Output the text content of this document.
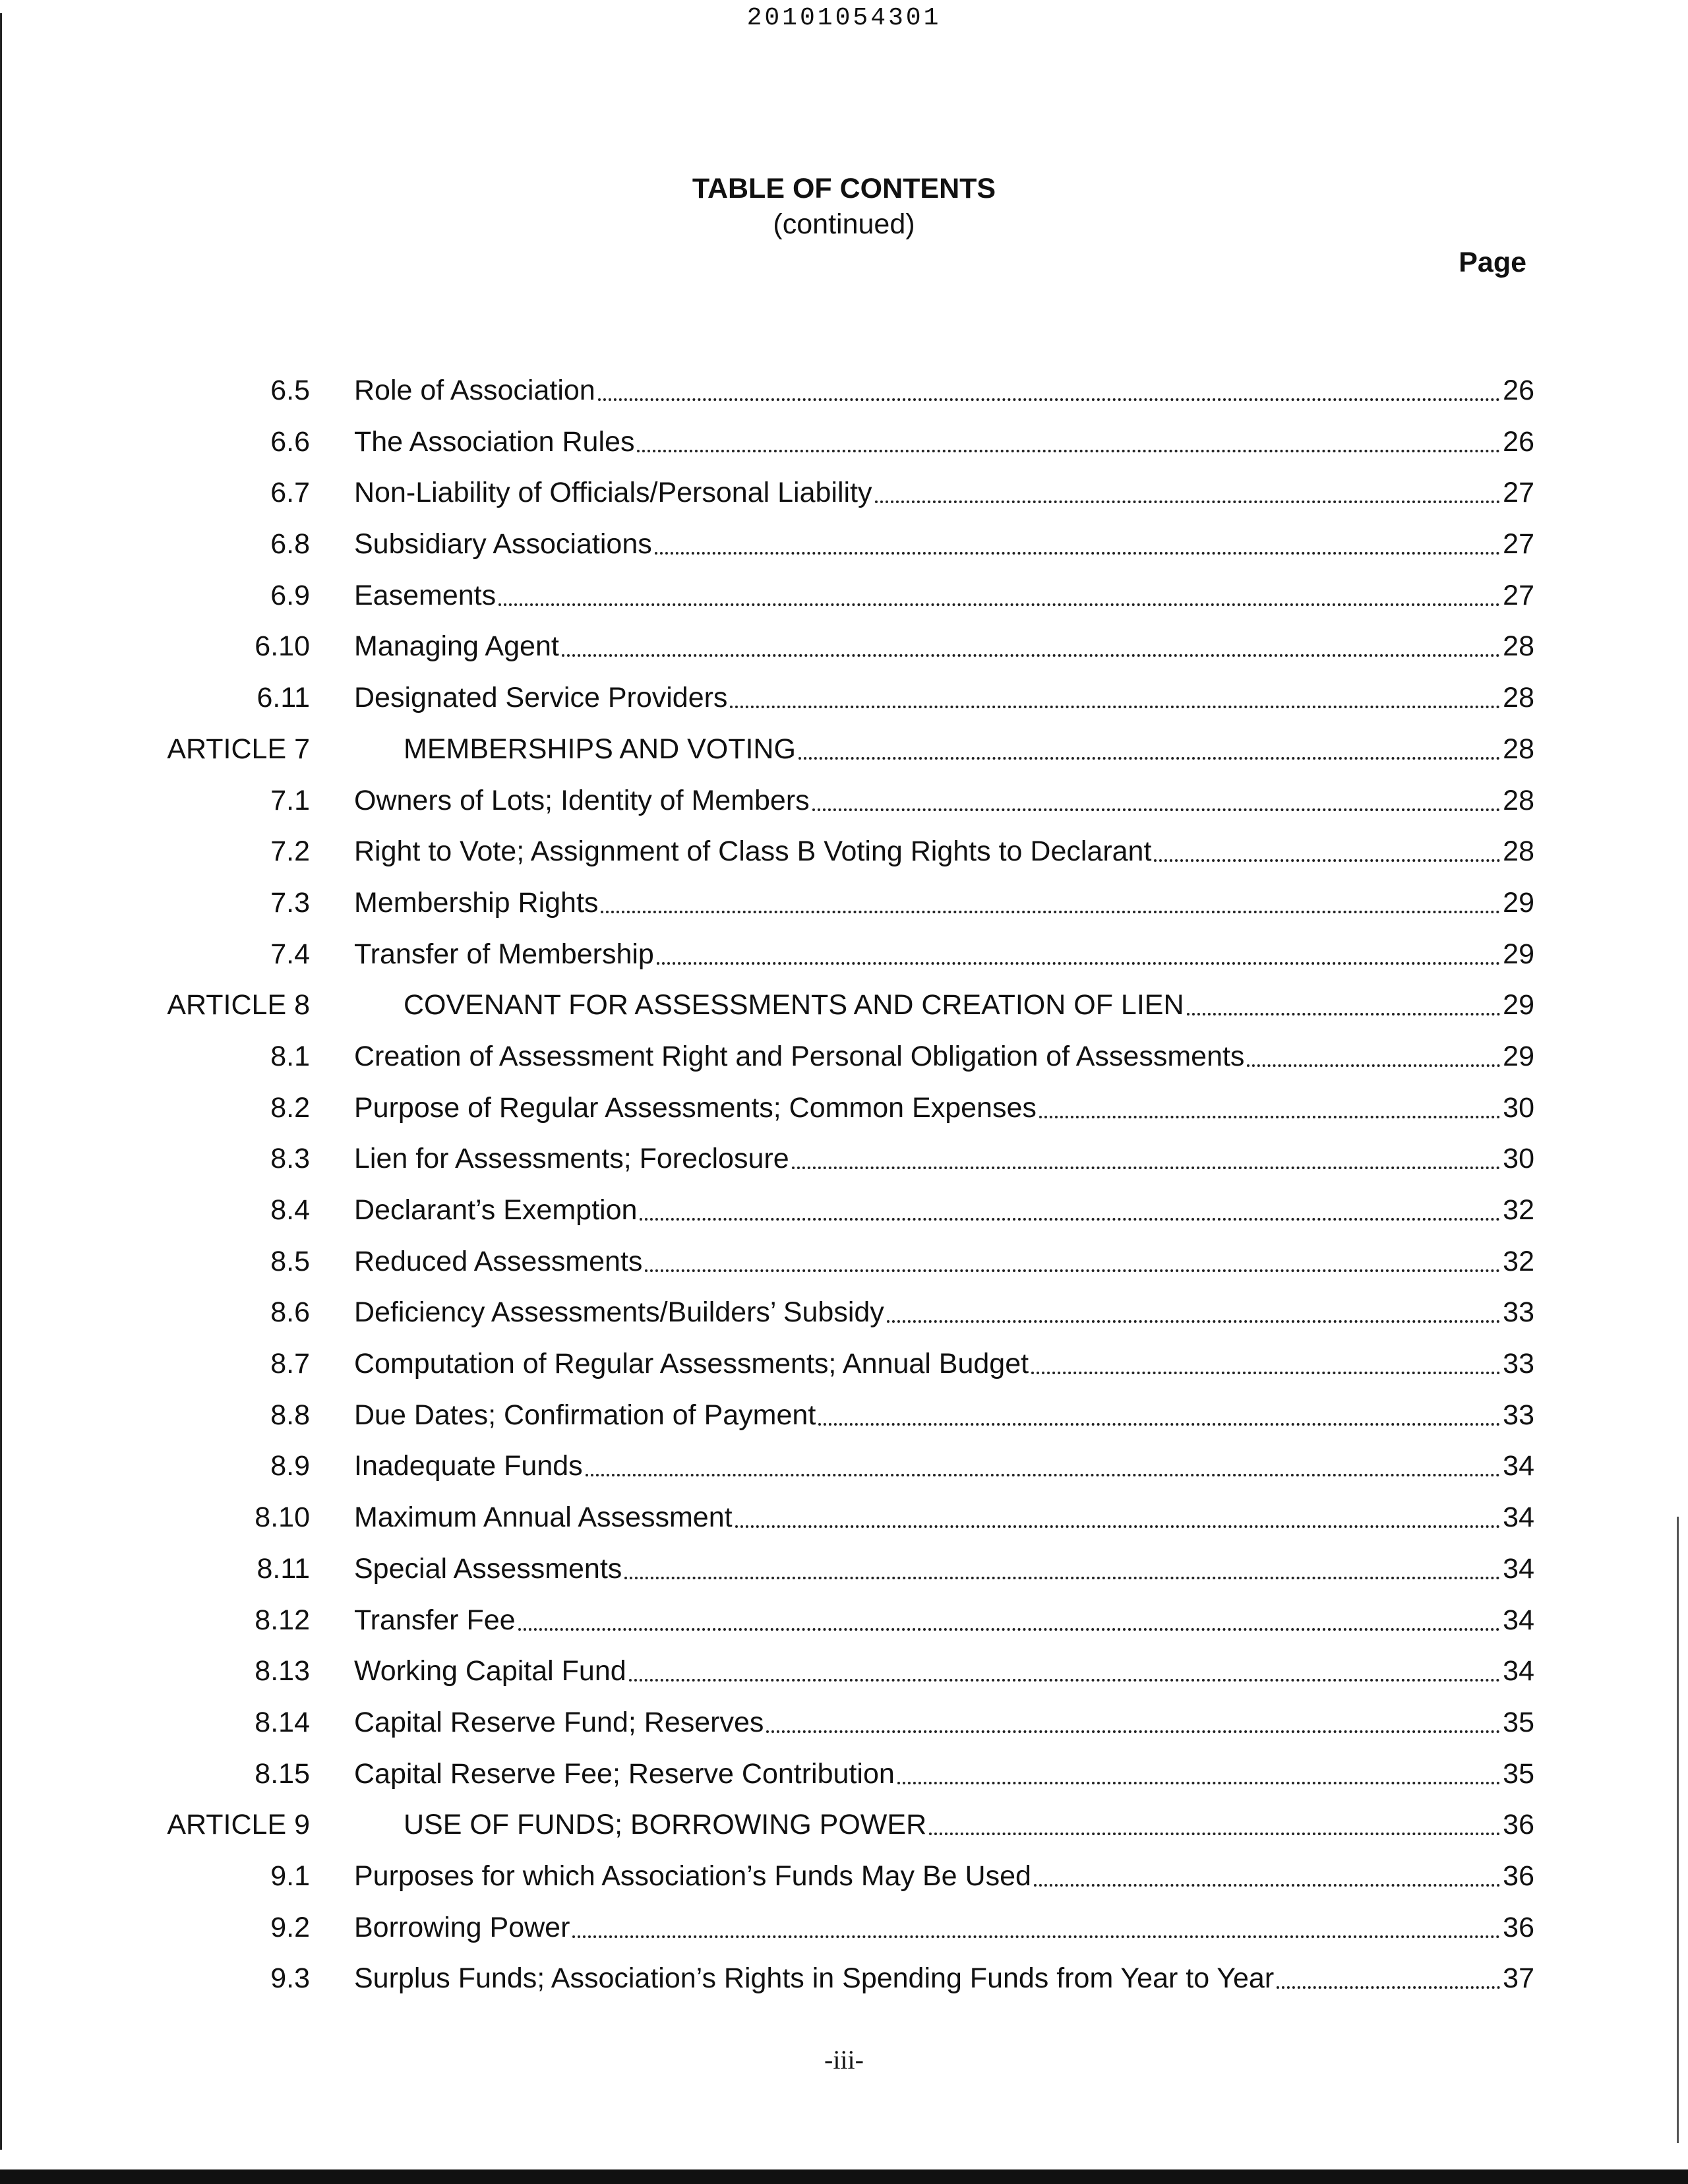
20101054301
TABLE OF CONTENTS
(continued)
Page
6.5 Role of Association	26
6.6 The Association Rules	26
6.7 Non-Liability of Officials/Personal Liability	27
6.8 Subsidiary Associations	27
6.9 Easements	27
6.10 Managing Agent	28
6.11 Designated Service Providers	28
ARTICLE 7	MEMBERSHIPS AND VOTING	28
7.1 Owners of Lots; Identity of Members	28
7.2 Right to Vote; Assignment of Class B Voting Rights to Declarant	28
7.3 Membership Rights	29
7.4 Transfer of Membership	29
ARTICLE 8	COVENANT FOR ASSESSMENTS AND CREATION OF LIEN	29
8.1 Creation of Assessment Right and Personal Obligation of Assessments	29
8.2 Purpose of Regular Assessments; Common Expenses	30
8.3 Lien for Assessments; Foreclosure	30
8.4 Declarant’s Exemption	32
8.5 Reduced Assessments	32
8.6 Deficiency Assessments/Builders’ Subsidy	33
8.7 Computation of Regular Assessments; Annual Budget	33
8.8 Due Dates; Confirmation of Payment	33
8.9 Inadequate Funds	34
8.10 Maximum Annual Assessment	34
8.11 Special Assessments	34
8.12 Transfer Fee	34
8.13 Working Capital Fund	34
8.14 Capital Reserve Fund; Reserves	35
8.15 Capital Reserve Fee; Reserve Contribution	35
ARTICLE 9	USE OF FUNDS; BORROWING POWER	36
9.1 Purposes for which Association’s Funds May Be Used	36
9.2 Borrowing Power	36
9.3 Surplus Funds; Association’s Rights in Spending Funds from Year to Year	37
-iii-
